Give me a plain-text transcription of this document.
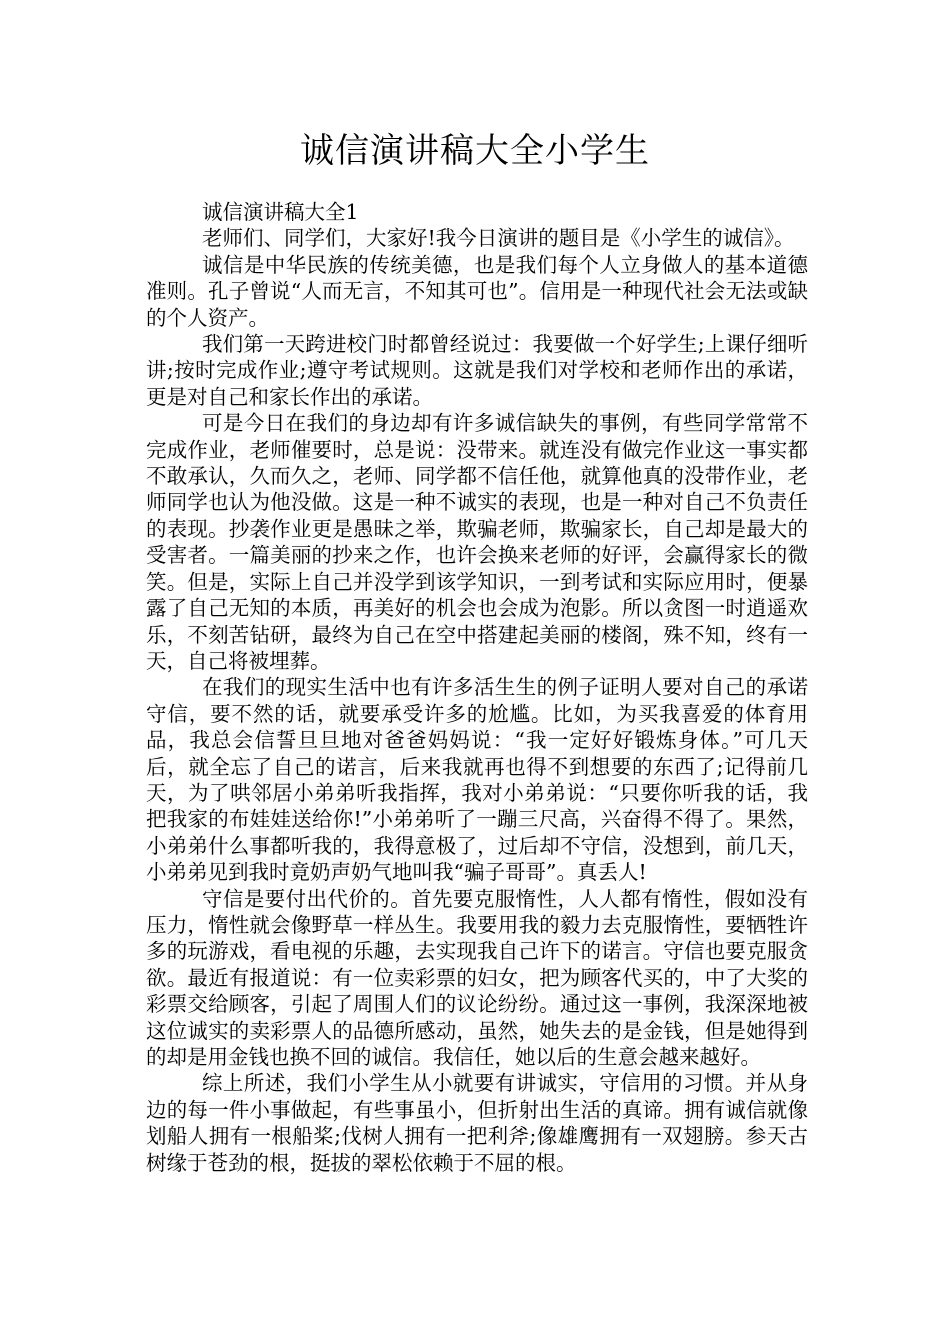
诚信演讲稿大全小学生

诚信演讲稿大全1

老师们、同学们，大家好!我今日演讲的题目是《小学生的诚信》。

诚信是中华民族的传统美德，也是我们每个人立身做人的基本道德准则。孔子曾说“人而无言，不知其可也”。信用是一种现代社会无法或缺的个人资产。

我们第一天跨进校门时都曾经说过：我要做一个好学生;上课仔细听讲;按时完成作业;遵守考试规则。这就是我们对学校和老师作出的承诺，更是对自己和家长作出的承诺。

可是今日在我们的身边却有许多诚信缺失的事例，有些同学常常不完成作业，老师催要时，总是说：没带来。就连没有做完作业这一事实都不敢承认，久而久之，老师、同学都不信任他，就算他真的没带作业，老师同学也认为他没做。这是一种不诚实的表现，也是一种对自己不负责任的表现。抄袭作业更是愚昧之举，欺骗老师，欺骗家长，自己却是最大的受害者。一篇美丽的抄来之作，也许会换来老师的好评，会赢得家长的微笑。但是，实际上自己并没学到该学知识，一到考试和实际应用时，便暴露了自己无知的本质，再美好的机会也会成为泡影。所以贪图一时逍遥欢乐，不刻苦钻研，最终为自己在空中搭建起美丽的楼阁，殊不知，终有一天，自己将被埋葬。

在我们的现实生活中也有许多活生生的例子证明人要对自己的承诺守信，要不然的话，就要承受许多的尬尴。比如，为买我喜爱的体育用品，我总会信誓旦旦地对爸爸妈妈说：“我一定好好锻炼身体。”可几天后，就全忘了自己的诺言，后来我就再也得不到想要的东西了;记得前几天，为了哄邻居小弟弟听我指挥，我对小弟弟说：“只要你听我的话，我把我家的布娃娃送给你!”小弟弟听了一蹦三尺高，兴奋得不得了。果然，小弟弟什么事都听我的，我得意极了，过后却不守信，没想到，前几天，小弟弟见到我时竟奶声奶气地叫我“骗子哥哥”。真丢人!

守信是要付出代价的。首先要克服惰性，人人都有惰性，假如没有压力，惰性就会像野草一样丛生。我要用我的毅力去克服惰性，要牺牲许多的玩游戏，看电视的乐趣，去实现我自己许下的诺言。守信也要克服贪欲。最近有报道说：有一位卖彩票的妇女，把为顾客代买的，中了大奖的彩票交给顾客，引起了周围人们的议论纷纷。通过这一事例，我深深地被这位诚实的卖彩票人的品德所感动，虽然，她失去的是金钱，但是她得到的却是用金钱也换不回的诚信。我信任，她以后的生意会越来越好。

综上所述，我们小学生从小就要有讲诚实，守信用的习惯。并从身边的每一件小事做起，有些事虽小，但折射出生活的真谛。拥有诚信就像划船人拥有一根船桨;伐树人拥有一把利斧;像雄鹰拥有一双翅膀。参天古树缘于苍劲的根，挺拔的翠松依赖于不屈的根。
